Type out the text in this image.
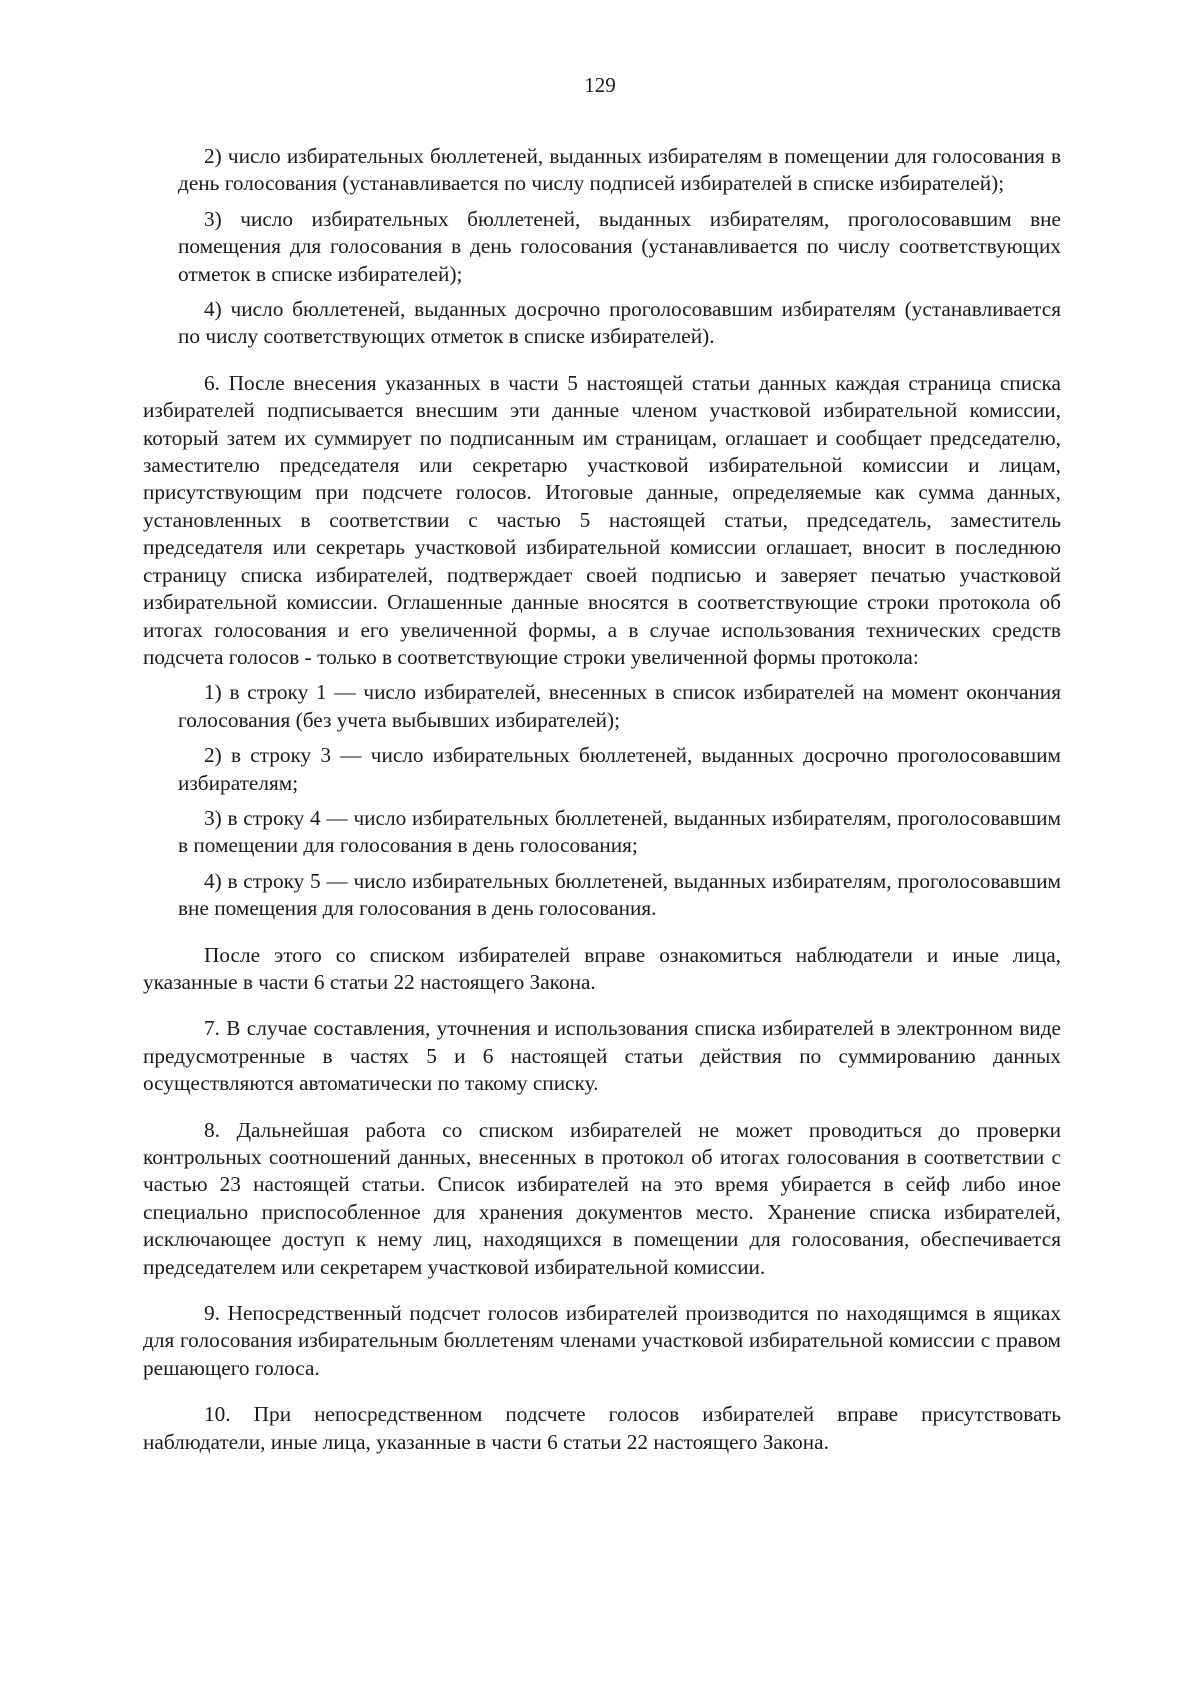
129

2) число избирательных бюллетеней, выданных избирателям в помещении для голосования в день голосования (устанавливается по числу подписей избирателей в списке избирателей);

3) число избирательных бюллетеней, выданных избирателям, проголосовавшим вне помещения для голосования в день голосования (устанавливается по числу соответствующих отметок в списке избирателей);

4) число бюллетеней, выданных досрочно проголосовавшим избирателям (устанавливается по числу соответствующих отметок в списке избирателей).

6. После внесения указанных в части 5 настоящей статьи данных каждая страница списка избирателей подписывается внесшим эти данные членом участковой избирательной комиссии, который затем их суммирует по подписанным им страницам, оглашает и сообщает председателю, заместителю председателя или секретарю участковой избирательной комиссии и лицам, присутствующим при подсчете голосов. Итоговые данные, определяемые как сумма данных, установленных в соответствии с частью 5 настоящей статьи, председатель, заместитель председателя или секретарь участковой избирательной комиссии оглашает, вносит в последнюю страницу списка избирателей, подтверждает своей подписью и заверяет печатью участковой избирательной комиссии. Оглашенные данные вносятся в соответствующие строки протокола об итогах голосования и его увеличенной формы, а в случае использования технических средств подсчета голосов - только в соответствующие строки увеличенной формы протокола:

1) в строку 1 — число избирателей, внесенных в список избирателей на момент окончания голосования (без учета выбывших избирателей);

2) в строку 3 — число избирательных бюллетеней, выданных досрочно проголосовавшим избирателям;

3) в строку 4 — число избирательных бюллетеней, выданных избирателям, проголосовавшим в помещении для голосования в день голосования;

4) в строку 5 — число избирательных бюллетеней, выданных избирателям, проголосовавшим вне помещения для голосования в день голосования.

После этого со списком избирателей вправе ознакомиться наблюдатели и иные лица, указанные в части 6 статьи 22 настоящего Закона.

7. В случае составления, уточнения и использования списка избирателей в электронном виде предусмотренные в частях 5 и 6 настоящей статьи действия по суммированию данных осуществляются автоматически по такому списку.

8. Дальнейшая работа со списком избирателей не может проводиться до проверки контрольных соотношений данных, внесенных в протокол об итогах голосования в соответствии с частью 23 настоящей статьи. Список избирателей на это время убирается в сейф либо иное специально приспособленное для хранения документов место. Хранение списка избирателей, исключающее доступ к нему лиц, находящихся в помещении для голосования, обеспечивается председателем или секретарем участковой избирательной комиссии.

9. Непосредственный подсчет голосов избирателей производится по находящимся в ящиках для голосования избирательным бюллетеням членами участковой избирательной комиссии с правом решающего голоса.

10. При непосредственном подсчете голосов избирателей вправе присутствовать наблюдатели, иные лица, указанные в части 6 статьи 22 настоящего Закона.
